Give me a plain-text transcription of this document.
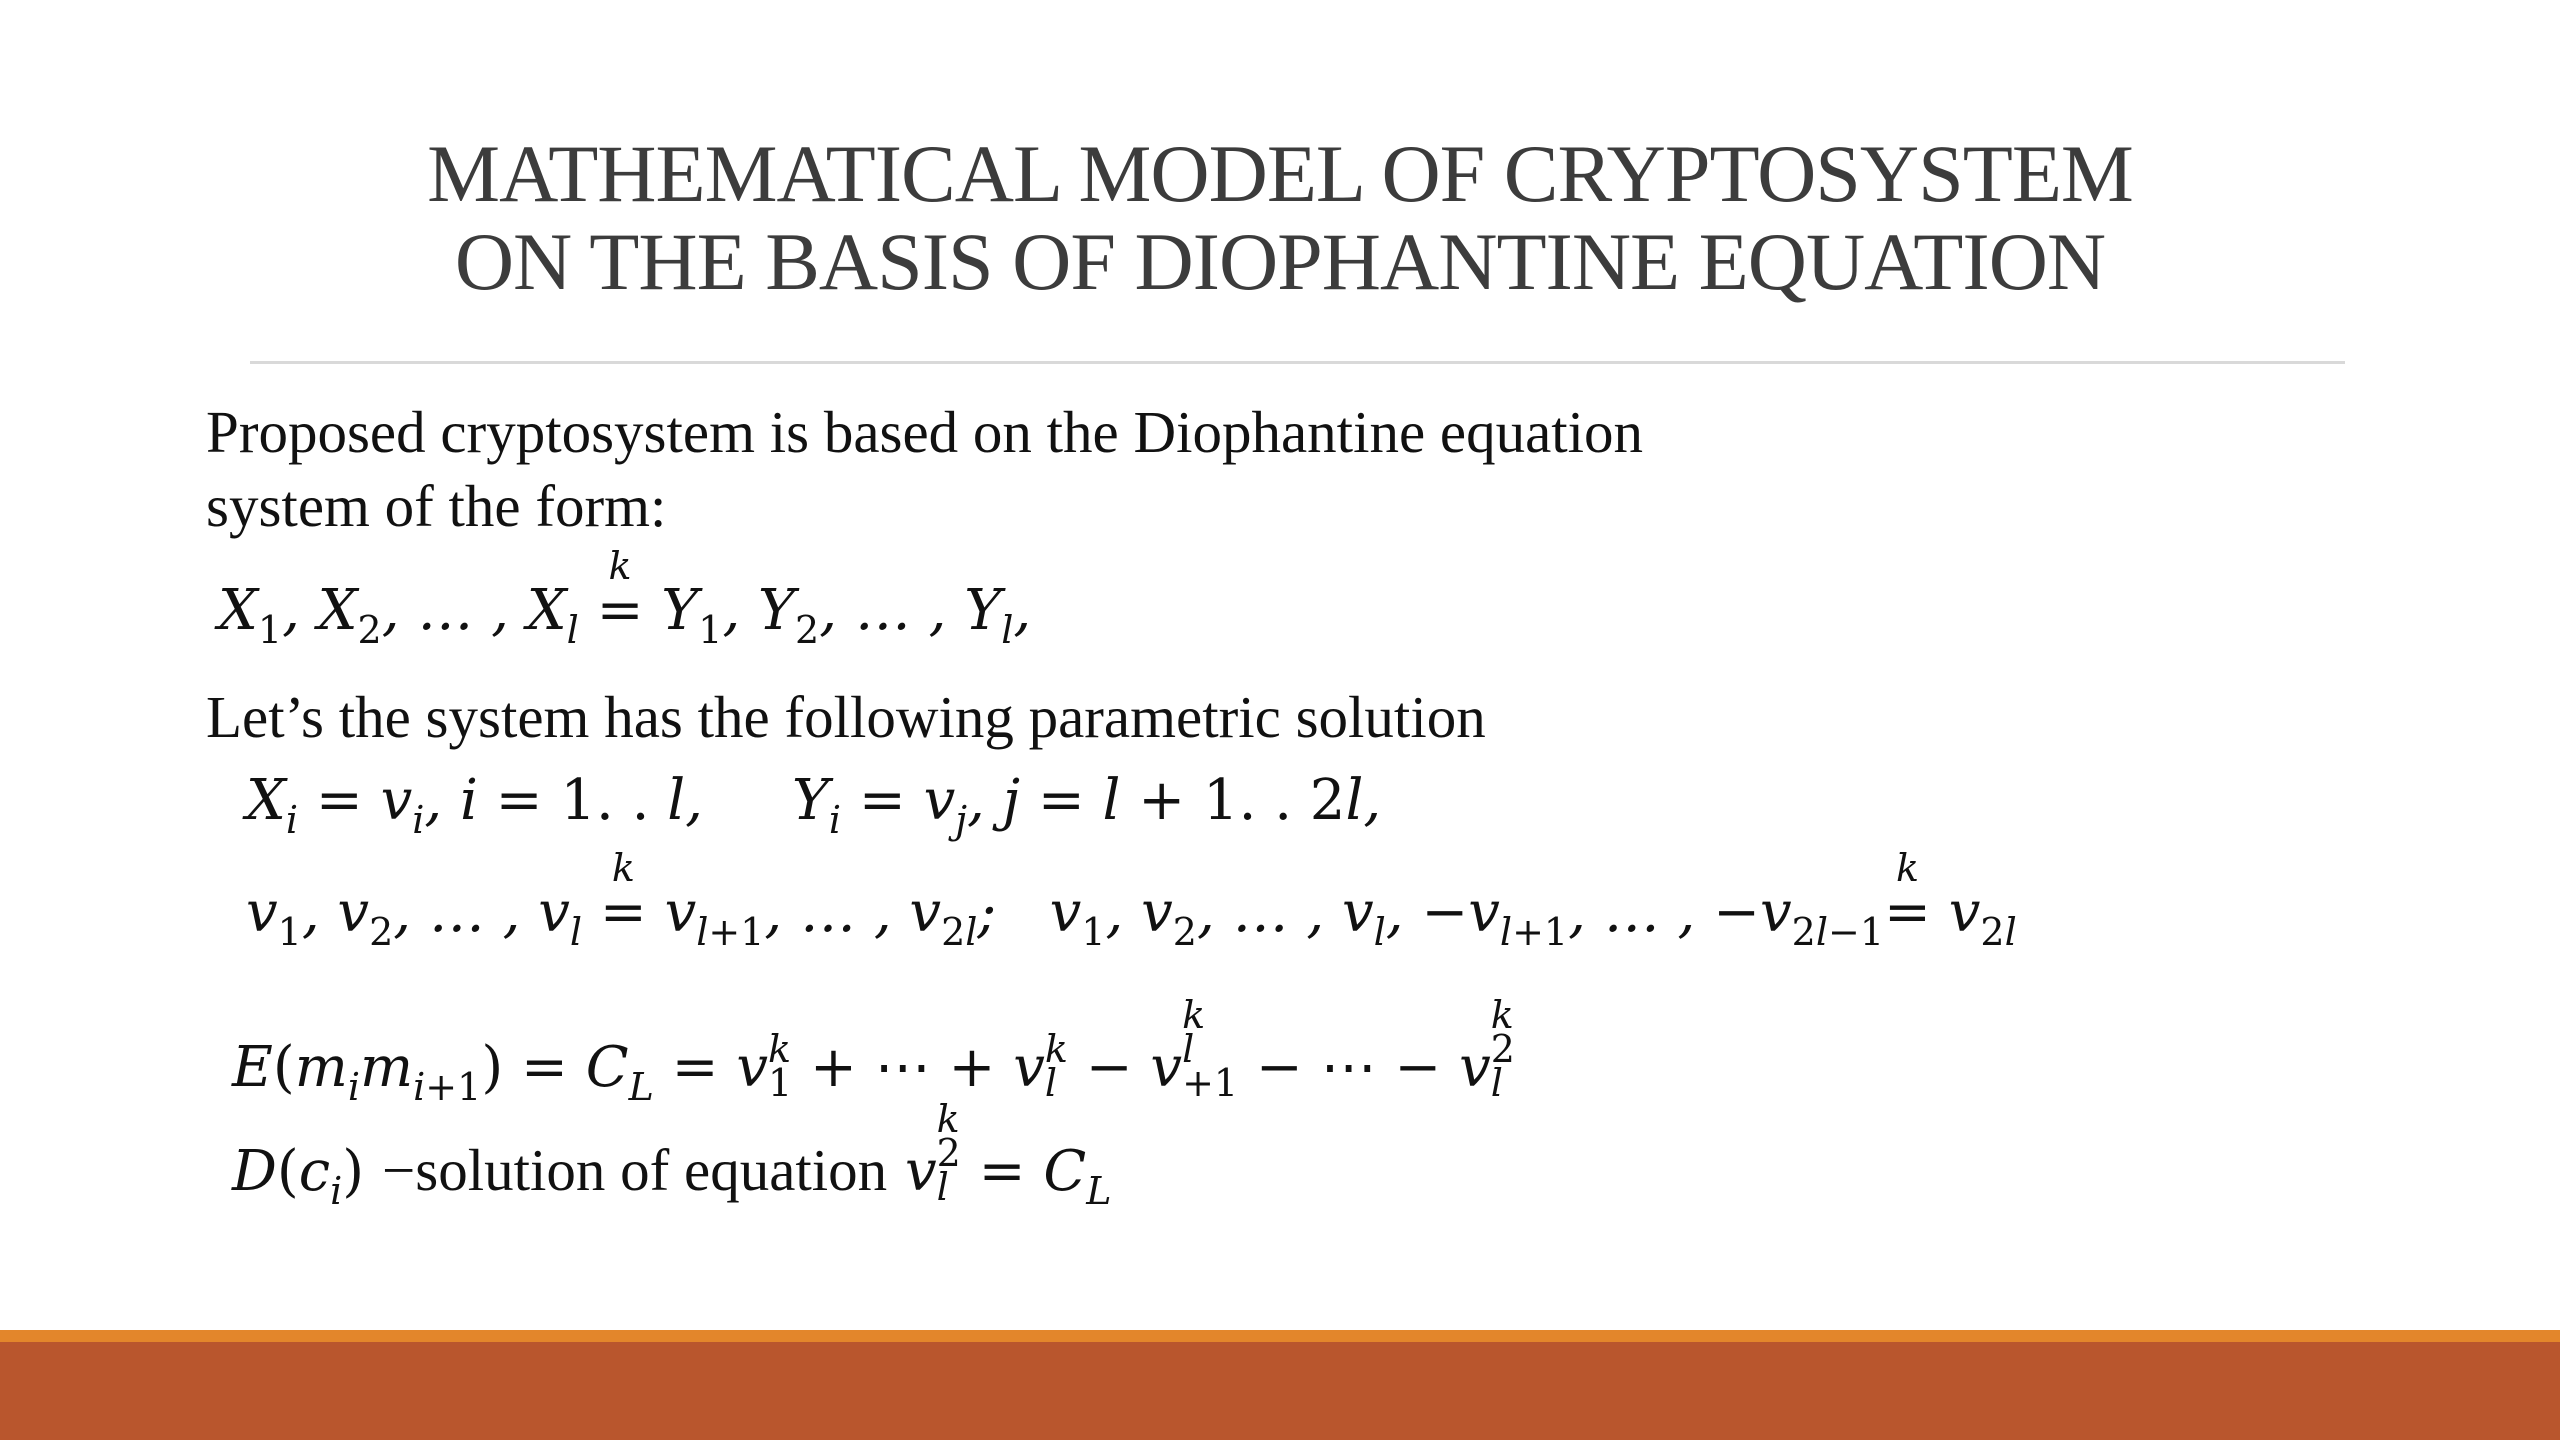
MATHEMATICAL MODEL OF CRYPTOSYSTEM
ON THE BASIS OF DIOPHANTINE EQUATION
Proposed cryptosystem is based on the Diophantine equation
system of the form:
$X_1$, $X_2$, … , $X_l$
k
= $Y_1$, $Y_2$, … , $Y_l$,
Let’s the system has the following parametric solution
$X_i = v_i$, i = 1. . l,     $Y_i = v_j$, j = l + 1. . 2l,
$v_1$, $v_2$, … , $v_l$
k
= $v_{l+1}$, … , $v_{2l}$;   $v_1$, $v_2$, … , $v_l$, $-v_{l+1}$, … , $-v_{2l-1}$
k
= $v_{2l}$
$E(m_im_{i+1}) = C_L = v$ k
1 + ⋯ + v k
l − v
k
l
+1 − ⋯ − v
k
2
l
$D(c_i)$ −solution of equation v
k
2
$l = C_L$
